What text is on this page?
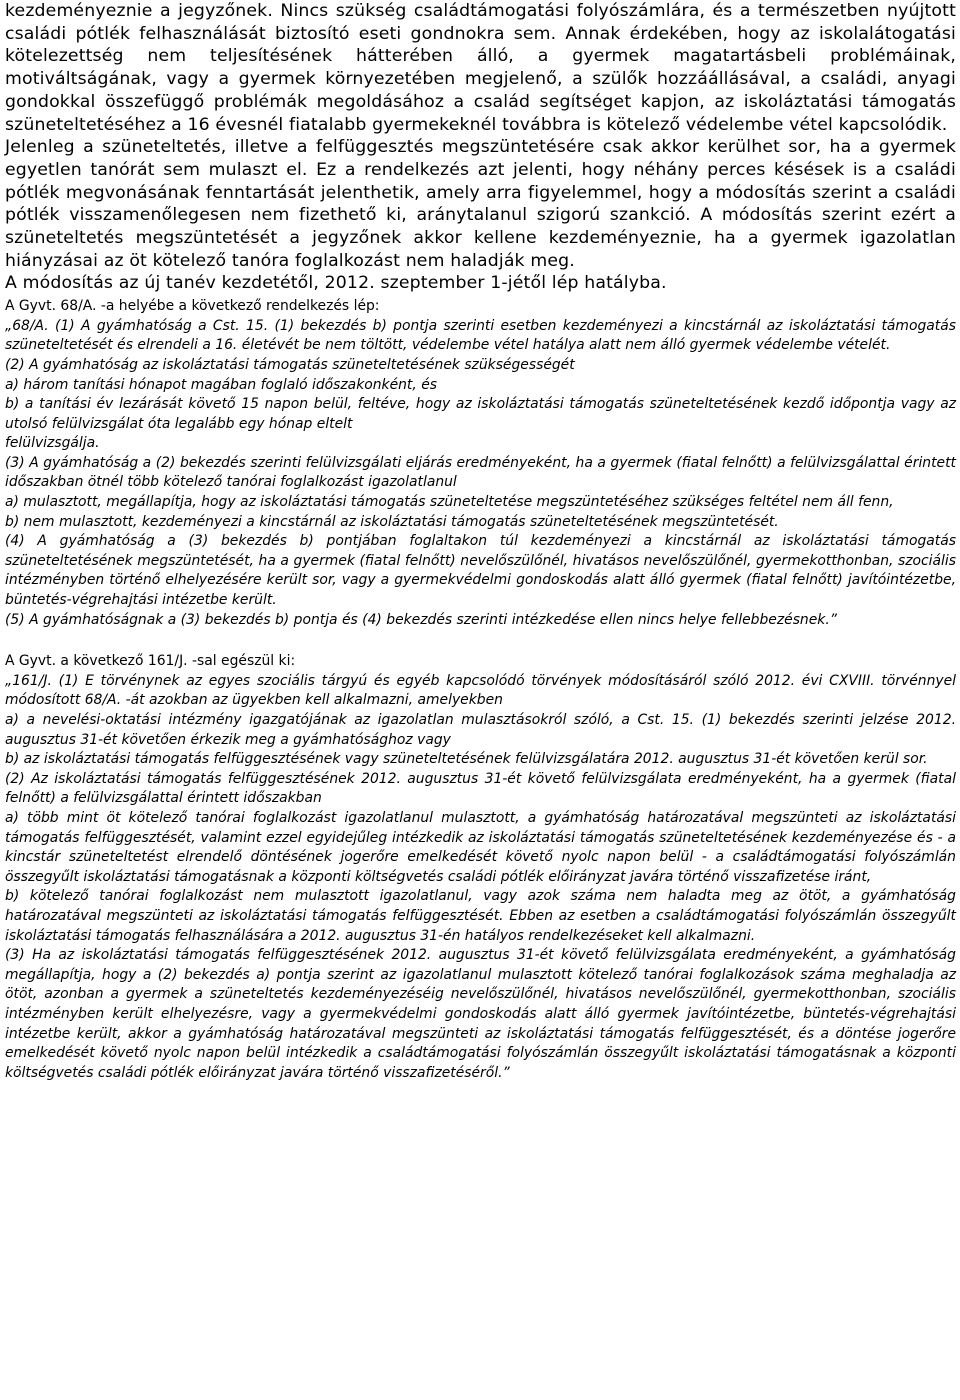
kezdeményeznie a jegyzőnek. Nincs szükség családtámogatási folyószámlára, és a természetben nyújtott családi pótlék felhasználását biztosító eseti gondnokra sem. Annak érdekében, hogy az iskolalátogatási kötelezettség nem teljesítésének hátterében álló, a gyermek magatartásbeli problémáinak, motiváltságának, vagy a gyermek környezetében megjelenő, a szülők hozzáállásával, a családi, anyagi gondokkal összefüggő problémák megoldásához a család segítséget kapjon, az iskoláztatási támogatás szüneteltetéséhez a 16 évesnél fiatalabb gyermekeknél továbbra is kötelező védelembe vétel kapcsolódik.

Jelenleg a szüneteltetés, illetve a felfüggesztés megszüntetésére csak akkor kerülhet sor, ha a gyermek egyetlen tanórát sem mulaszt el. Ez a rendelkezés azt jelenti, hogy néhány perces késések is a családi pótlék megvonásának fenntartását jelenthetik, amely arra figyelemmel, hogy a módosítás szerint a családi pótlék visszamenőlegesen nem fizethető ki, aránytalanul szigorú szankció. A módosítás szerint ezért a szüneteltetés megszüntetését a jegyzőnek akkor kellene kezdeményeznie, ha a gyermek igazolatlan hiányzásai az öt kötelező tanóra foglalkozást nem haladják meg.

A módosítás az új tanév kezdetétől, 2012. szeptember 1-jétől lép hatályba.

A Gyvt. 68/A. -a helyébe a következő rendelkezés lép:

„68/A. (1) A gyámhatóság a Cst. 15. (1) bekezdés b) pontja szerinti esetben kezdeményezi a kincstárnál az iskoláztatási támogatás szüneteltetését és elrendeli a 16. életévét be nem töltött, védelembe vétel hatálya alatt nem álló gyermek védelembe vételét.

(2) A gyámhatóság az iskoláztatási támogatás szüneteltetésének szükségességét

a) három tanítási hónapot magában foglaló időszakonként, és

b) a tanítási év lezárását követő 15 napon belül, feltéve, hogy az iskoláztatási támogatás szüneteltetésének kezdő időpontja vagy az utolsó felülvizsgálat óta legalább egy hónap eltelt

felülvizsgálja.

(3) A gyámhatóság a (2) bekezdés szerinti felülvizsgálati eljárás eredményeként, ha a gyermek (fiatal felnőtt) a felülvizsgálattal érintett időszakban ötnél több kötelező tanórai foglalkozást igazolatlanul

a) mulasztott, megállapítja, hogy az iskoláztatási támogatás szüneteltetése megszüntetéséhez szükséges feltétel nem áll fenn,

b) nem mulasztott, kezdeményezi a kincstárnál az iskoláztatási támogatás szüneteltetésének megszüntetését.

(4) A gyámhatóság a (3) bekezdés b) pontjában foglaltakon túl kezdeményezi a kincstárnál az iskoláztatási támogatás szüneteltetésének megszüntetését, ha a gyermek (fiatal felnőtt) nevelőszülőnél, hivatásos nevelőszülőnél, gyermekotthonban, szociális intézményben történő elhelyezésére került sor, vagy a gyermekvédelmi gondoskodás alatt álló gyermek (fiatal felnőtt) javítóintézetbe, büntetés-végrehajtási intézetbe került.

(5) A gyámhatóságnak a (3) bekezdés b) pontja és (4) bekezdés szerinti intézkedése ellen nincs helye fellebbezésnek.”

A Gyvt. a következő 161/J. -sal egészül ki:

„161/J. (1) E törvénynek az egyes szociális tárgyú és egyéb kapcsolódó törvények módosításáról szóló 2012. évi CXVIII. törvénnyel módosított 68/A. -át azokban az ügyekben kell alkalmazni, amelyekben

a) a nevelési-oktatási intézmény igazgatójának az igazolatlan mulasztásokról szóló, a Cst. 15. (1) bekezdés szerinti jelzése 2012. augusztus 31-ét követően érkezik meg a gyámhatósághoz vagy

b) az iskoláztatási támogatás felfüggesztésének vagy szüneteltetésének felülvizsgálatára 2012. augusztus 31-ét követően kerül sor.

(2) Az iskoláztatási támogatás felfüggesztésének 2012. augusztus 31-ét követő felülvizsgálata eredményeként, ha a gyermek (fiatal felnőtt) a felülvizsgálattal érintett időszakban

a) több mint öt kötelező tanórai foglalkozást igazolatlanul mulasztott, a gyámhatóság határozatával megszünteti az iskoláztatási támogatás felfüggesztését, valamint ezzel egyidejűleg intézkedik az iskoláztatási támogatás szüneteltetésének kezdeményezése és - a kincstár szüneteltetést elrendelő döntésének jogerőre emelkedését követő nyolc napon belül - a családtámogatási folyószámlán összegyűlt iskoláztatási támogatásnak a központi költségvetés családi pótlék előirányzat javára történő visszafizetése iránt,

b) kötelező tanórai foglalkozást nem mulasztott igazolatlanul, vagy azok száma nem haladta meg az ötöt, a gyámhatóság határozatával megszünteti az iskoláztatási támogatás felfüggesztését. Ebben az esetben a családtámogatási folyószámlán összegyűlt iskoláztatási támogatás felhasználására a 2012. augusztus 31-én hatályos rendelkezéseket kell alkalmazni.

(3) Ha az iskoláztatási támogatás felfüggesztésének 2012. augusztus 31-ét követő felülvizsgálata eredményeként, a gyámhatóság megállapítja, hogy a (2) bekezdés a) pontja szerint az igazolatlanul mulasztott kötelező tanórai foglalkozások száma meghaladja az ötöt, azonban a gyermek a szüneteltetés kezdeményezéséig nevelőszülőnél, hivatásos nevelőszülőnél, gyermekotthonban, szociális intézményben került elhelyezésre, vagy a gyermekvédelmi gondoskodás alatt álló gyermek javítóintézetbe, büntetés-végrehajtási intézetbe került, akkor a gyámhatóság határozatával megszünteti az iskoláztatási támogatás felfüggesztését, és a döntése jogerőre emelkedését követő nyolc napon belül intézkedik a családtámogatási folyószámlán összegyűlt iskoláztatási támogatásnak a központi költségvetés családi pótlék előirányzat javára történő visszafizetéséről.”
